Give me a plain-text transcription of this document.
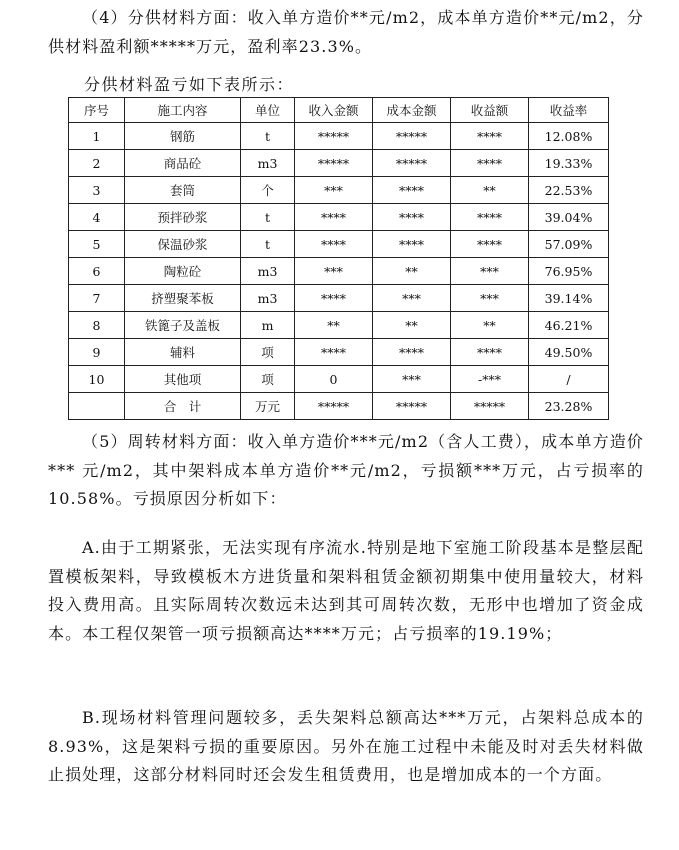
（4）分供材料方面：收入单方造价**元/m2，成本单方造价**元/m2，分供材料盈利额*****万元，盈利率23.3%。

分供材料盈亏如下表所示：

序号	施工内容	单位	收入金额	成本金额	收益额	收益率
1	钢筋	t	*****	*****	****	12.08%
2	商品砼	m3	*****	*****	****	19.33%
3	套筒	个	***	****	**	22.53%
4	预拌砂浆	t	****	****	****	39.04%
5	保温砂浆	t	****	****	****	57.09%
6	陶粒砼	m3	***	**	***	76.95%
7	挤塑聚苯板	m3	****	***	***	39.14%
8	铁篦子及盖板	m	**	**	**	46.21%
9	辅料	项	****	****	****	49.50%
10	其他项	项	0	***	-***	/
	合　计	万元	*****	*****	*****	23.28%

（5）周转材料方面：收入单方造价***元/m2（含人工费），成本单方造价*** 元/m2，其中架料成本单方造价**元/m2，亏损额***万元，占亏损率的10.58%。亏损原因分析如下：

A.由于工期紧张，无法实现有序流水.特别是地下室施工阶段基本是整层配置模板架料，导致模板木方进货量和架料租赁金额初期集中使用量较大，材料投入费用高。且实际周转次数远未达到其可周转次数，无形中也增加了资金成本。本工程仅架管一项亏损额高达****万元；占亏损率的19.19%；

B.现场材料管理问题较多，丢失架料总额高达***万元，占架料总成本的8.93%，这是架料亏损的重要原因。另外在施工过程中未能及时对丢失材料做止损处理，这部分材料同时还会发生租赁费用，也是增加成本的一个方面。
